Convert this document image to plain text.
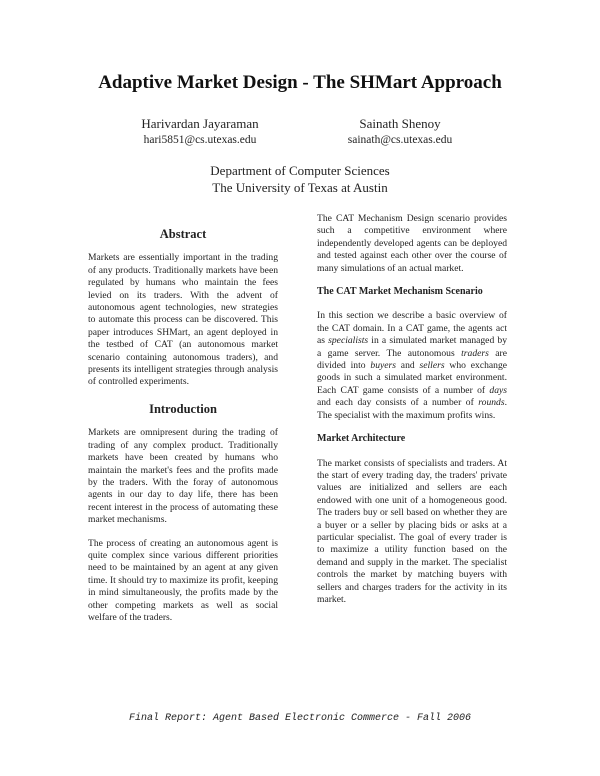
Adaptive Market Design - The SHMart Approach
Harivardan Jayaraman
hari5851@cs.utexas.edu
Sainath Shenoy
sainath@cs.utexas.edu
Department of Computer Sciences
The University of Texas at Austin
Abstract

Markets are essentially important in the trading of any products. Traditionally markets have been regulated by humans who maintain the fees levied on its traders. With the advent of autonomous agent technologies, new strategies to automate this process can be discovered. This paper introduces SHMart, an agent deployed in the testbed of CAT (an autonomous market scenario containing autonomous traders), and presents its intelligent strategies through analysis of controlled experiments.

Introduction

Markets are omnipresent during the trading of trading of any complex product. Traditionally markets have been created by humans who maintain the market's fees and the profits made by the traders. With the foray of autonomous agents in our day to day life, there has been recent interest in the process of automating these market mechanisms.

The process of creating an autonomous agent is quite complex since various different priorities need to be maintained by an agent at any given time. It should try to maximize its profit, keeping in mind simultaneously, the profits made by the other competing markets as well as social welfare of the traders.

The CAT Mechanism Design scenario provides such a competitive environment where independently developed agents can be deployed and tested against each other over the course of many simulations of an actual market.

The CAT Market Mechanism Scenario

In this section we describe a basic overview of the CAT domain. In a CAT game, the agents act as specialists in a simulated market managed by a game server. The autonomous traders are divided into buyers and sellers who exchange goods in such a simulated market environment. Each CAT game consists of a number of days and each day consists of a number of rounds. The specialist with the maximum profits wins.

Market Architecture

The market consists of specialists and traders. At the start of every trading day, the traders' private values are initialized and sellers are each endowed with one unit of a homogeneous good. The traders buy or sell based on whether they are a buyer or a seller by placing bids or asks at a particular specialist. The goal of every trader is to maximize a utility function based on the demand and supply in the market. The specialist controls the market by matching buyers with sellers and charges traders for the activity in its market.

Final Report: Agent Based Electronic Commerce - Fall 2006
